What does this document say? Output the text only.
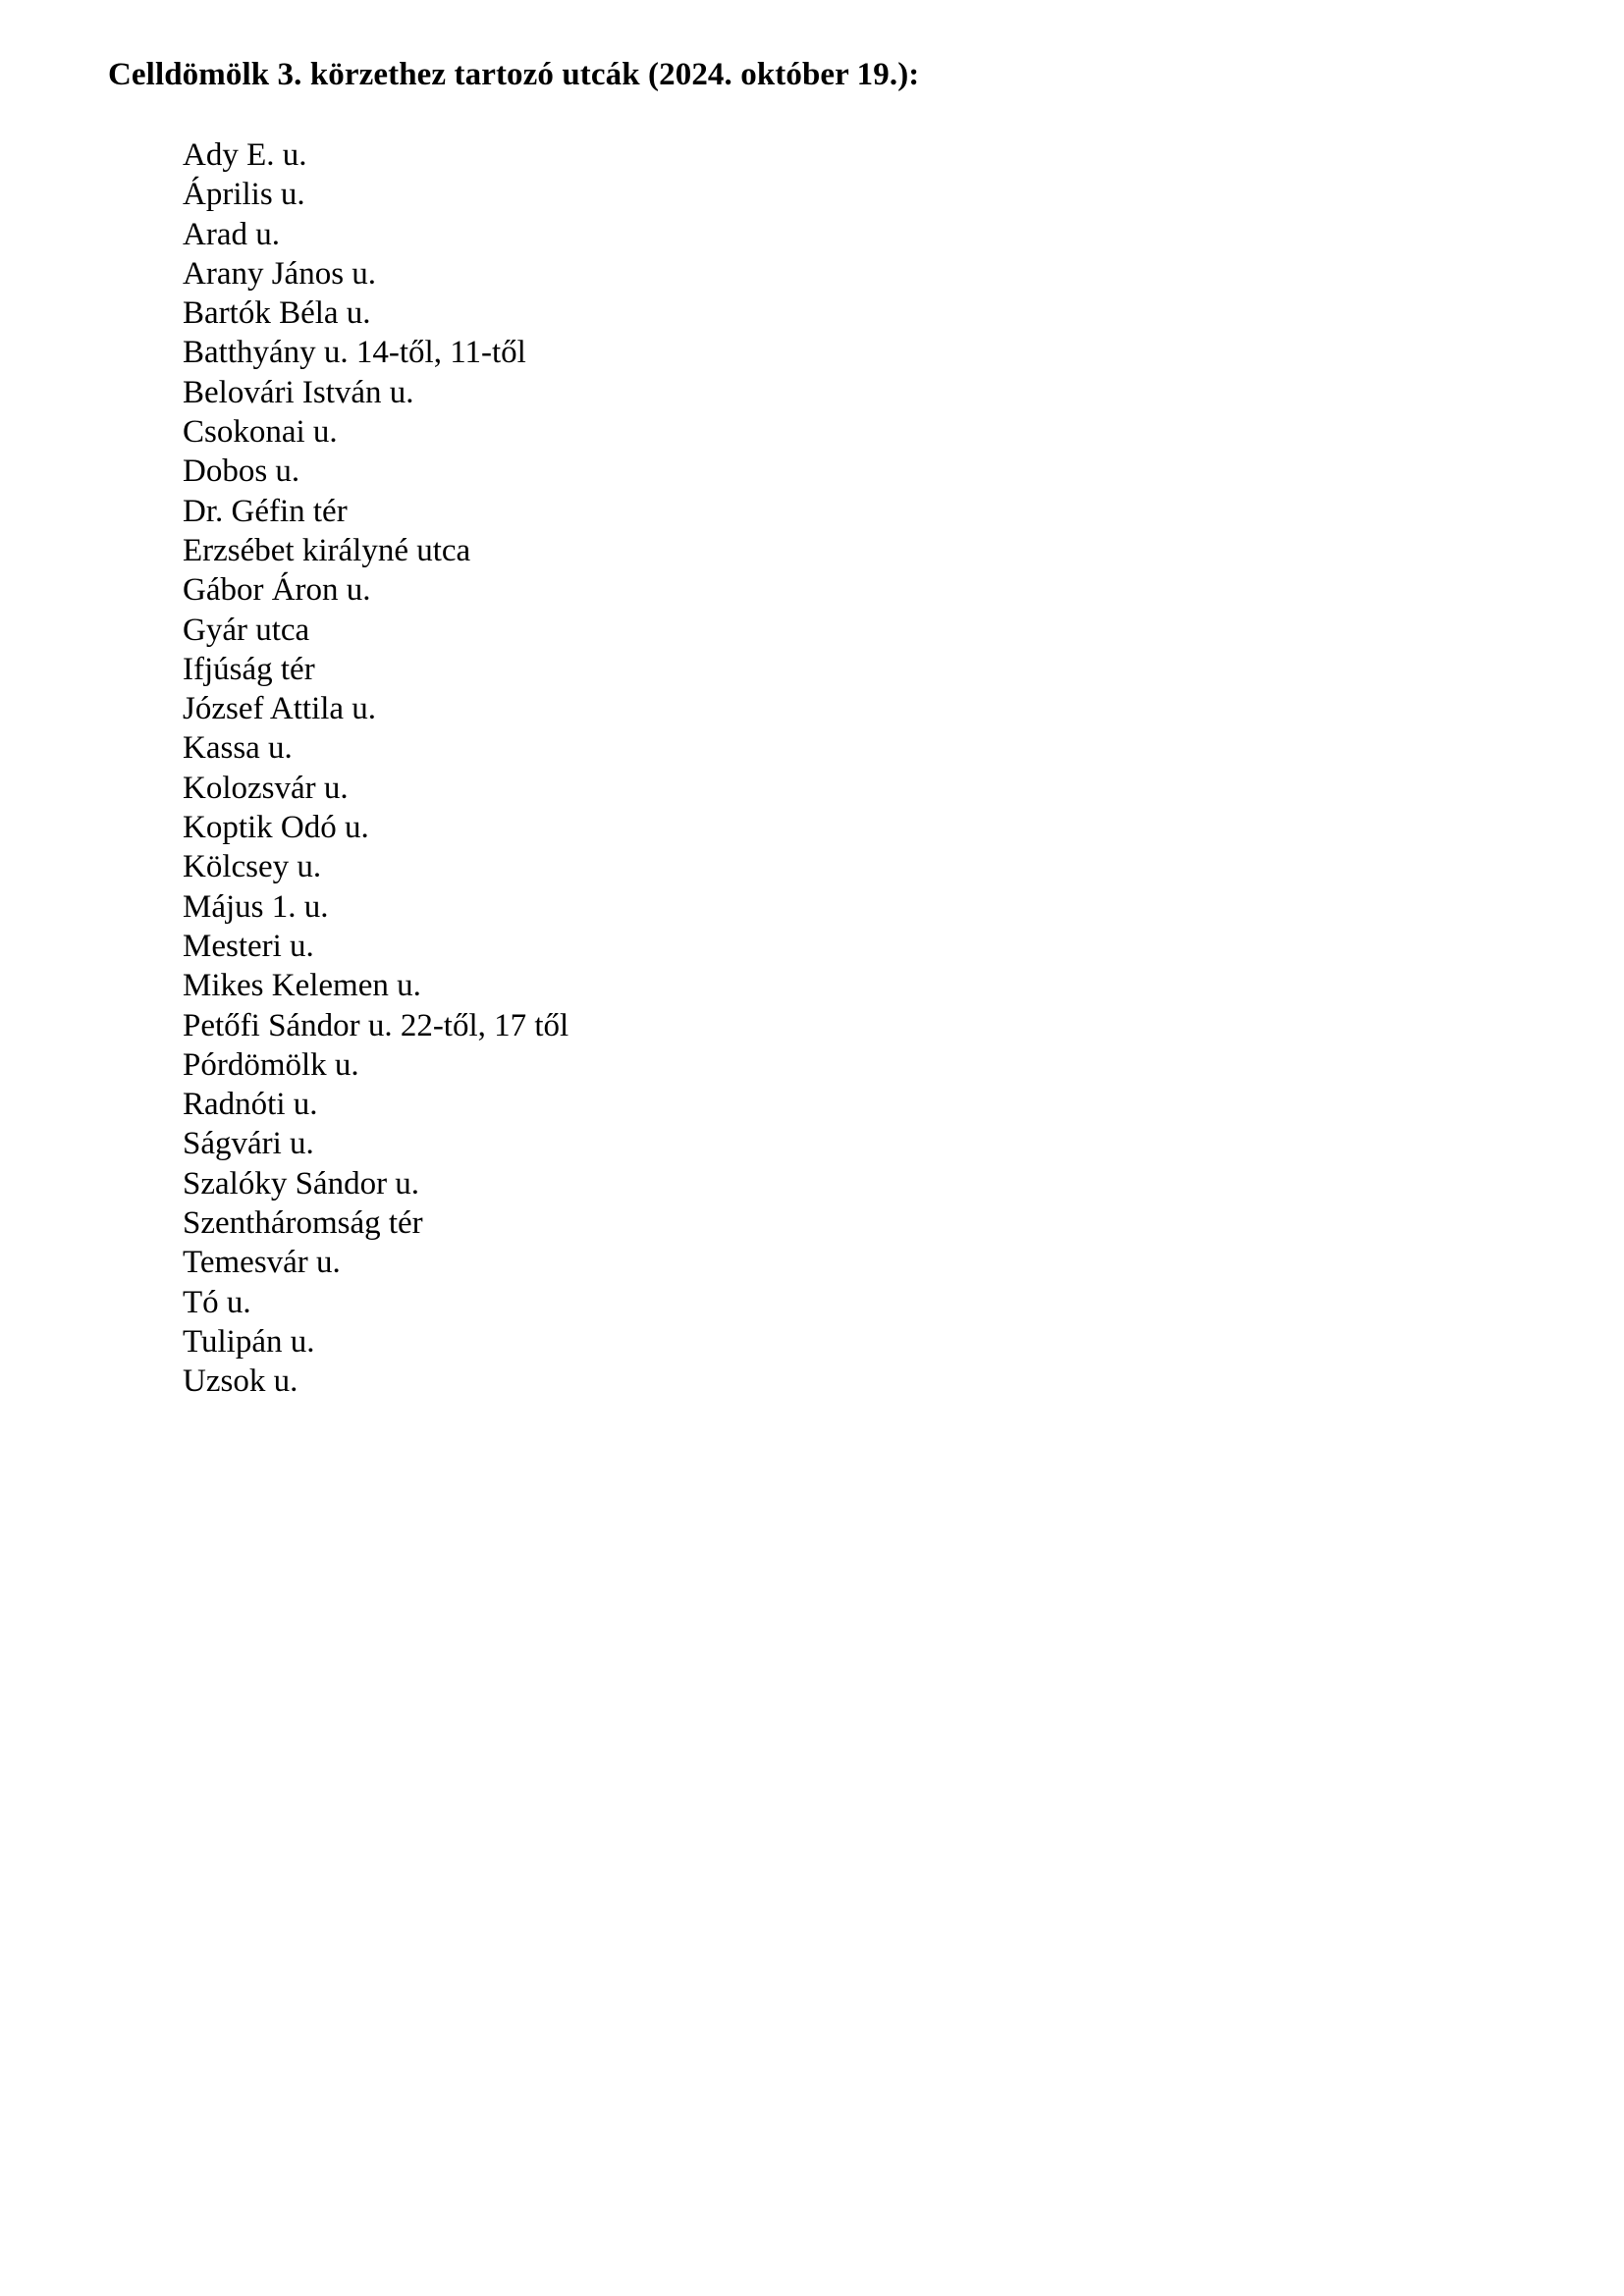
Celldömölk 3. körzethez tartozó utcák (2024. október 19.):
Ady E. u.
Április u.
Arad u.
Arany János u.
Bartók Béla u.
Batthyány u. 14-től, 11-től
Belovári István u.
Csokonai u.
Dobos u.
Dr. Géfin tér
Erzsébet királyné utca
Gábor Áron u.
Gyár utca
Ifjúság tér
József Attila u.
Kassa u.
Kolozsvár u.
Koptik Odó u.
Kölcsey u.
Május 1. u.
Mesteri u.
Mikes Kelemen u.
Petőfi Sándor u. 22-től, 17 től
Pórdömölk u.
Radnóti u.
Ságvári u.
Szalóky Sándor u.
Szentháromság tér
Temesvár u.
Tó u.
Tulipán u.
Uzsok u.
